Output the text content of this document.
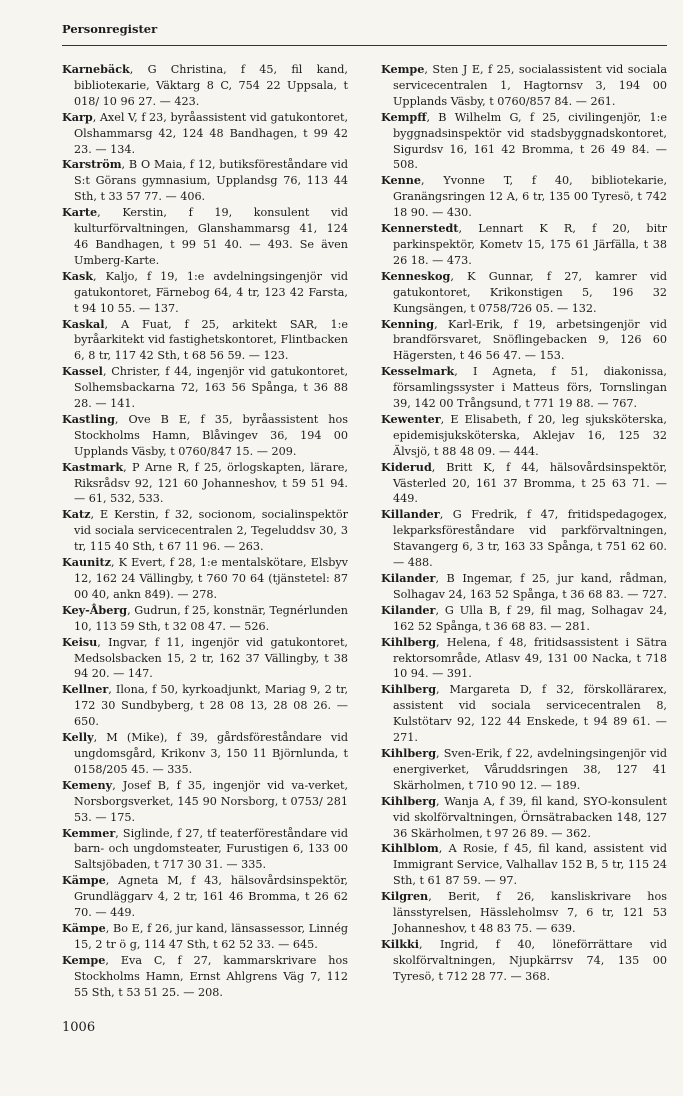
Personregister
Karnebäck, G Christina, f 45, fil kand, biblioteкarie, Väktarg 8 C, 754 22 Uppsala, t 018/ 10 96 27. — 423.
Karp, Axel V, f 23, byråassistent vid gatukontoret, Olshammarsg 42, 124 48 Bandhagen, t 99 42 23. — 134.
Karström, B O Maia, f 12, butiksföreståndare vid S:t Görans gymnasium, Upplandsg 76, 113 44 Sth, t 33 57 77. — 406.
Karte, Kerstin, f 19, konsulent vid kulturförvaltningen, Glanshammarsg 41, 124 46 Bandhagen, t 99 51 40. — 493. Se även Umberg-Karte.
Kask, Kaljo, f 19, 1:e avdelningsingenjör vid gatukontoret, Färnebog 64, 4 tr, 123 42 Farsta, t 94 10 55. — 137.
Kaskal, A Fuat, f 25, arkitekt SAR, 1:e byråarkitekt vid fastighetskontoret, Flintbacken 6, 8 tr, 117 42 Sth, t 68 56 59. — 123.
Kassel, Christer, f 44, ingenjör vid gatukontoret, Solhemsbackarna 72, 163 56 Spånga, t 36 88 28. — 141.
Kastling, Ove B E, f 35, byråassistent hos Stockholms Hamn, Blåvingev 36, 194 00 Upplands Väsby, t 0760/847 15. — 209.
Kastmark, P Arne R, f 25, örlogskapten, lärare, Riksrådsv 92, 121 60 Johanneshov, t 59 51 94. — 61, 532, 533.
Katz, E Kerstin, f 32, socionom, socialinspektör vid sociala servicecentralen 2, Tegeluddsv 30, 3 tr, 115 40 Sth, t 67 11 96. — 263.
Kaunitz, K Evert, f 28, 1:e mentalskötare, Elsbyv 12, 162 24 Vällingby, t 760 70 64 (tjänstetel: 87 00 40, ankn 849). — 278.
Key-Åberg, Gudrun, f 25, konstnär, Tegnérlunden 10, 113 59 Sth, t 32 08 47. — 526.
Keisu, Ingvar, f 11, ingenjör vid gatukontoret, Medsolsbacken 15, 2 tr, 162 37 Vällingby, t 38 94 20. — 147.
Kellner, Ilona, f 50, kyrkoadjunkt, Mariag 9, 2 tr, 172 30 Sundbyberg, t 28 08 13, 28 08 26. — 650.
Kelly, M (Mike), f 39, gårdsföreståndare vid ungdomsgård, Krikonv 3, 150 11 Björnlunda, t 0158/205 45. — 335.
Kemeny, Josef B, f 35, ingenjör vid va-verket, Norsborgsverket, 145 90 Norsborg, t 0753/ 281 53. — 175.
Kemmer, Siglinde, f 27, tf teaterföreståndare vid barn- och ungdomsteater, Furustigen 6, 133 00 Saltsjöbaden, t 717 30 31. — 335.
Kämpe, Agneta M, f 43, hälsovårdsinspektör, Grundläggarv 4, 2 tr, 161 46 Bromma, t 26 62 70. — 449.
Kämpe, Bo E, f 26, jur kand, länsassessor, Linnég 15, 2 tr ö g, 114 47 Sth, t 62 52 33. — 645.
Kempe, Eva C, f 27, kammarskrivare hos Stockholms Hamn, Ernst Ahlgrens Väg 7, 112 55 Sth, t 53 51 25. — 208.
Kempe, Sten J E, f 25, socialassistent vid sociala servicecentralen 1, Hagtornsv 3, 194 00 Upplands Väsby, t 0760/857 84. — 261.
Kempff, B Wilhelm G, f 25, civilingenjör, 1:e byggnadsinspektör vid stadsbyggnadskontoret, Sigurdsv 16, 161 42 Bromma, t 26 49 84. — 508.
Kenne, Yvonne T, f 40, bibliotekarie, Granängsringen 12 A, 6 tr, 135 00 Tyresö, t 742 18 90. — 430.
Kennerstedt, Lennart K R, f 20, bitr parkinspektör, Kometv 15, 175 61 Järfälla, t 38 26 18. — 473.
Kenneskog, K Gunnar, f 27, kamrer vid gatukontoret, Krikonstigen 5, 196 32 Kungsängen, t 0758/726 05. — 132.
Kenning, Karl-Erik, f 19, arbetsingenjör vid brandförsvaret, Snöflingebacken 9, 126 60 Hägersten, t 46 56 47. — 153.
Kesselmark, I Agneta, f 51, diakonissa, församlingssyster i Matteus förs, Tornslingan 39, 142 00 Trångsund, t 771 19 88. — 767.
Kewenter, E Elisabeth, f 20, leg sjuksköterska, epidemisjuksköterska, Aklejav 16, 125 32 Älvsjö, t 88 48 09. — 444.
Kiderud, Britt K, f 44, hälsovårdsinspektör, Västerled 20, 161 37 Bromma, t 25 63 71. — 449.
Killander, G Fredrik, f 47, fritidspedagogex, lekparksföreståndare vid parkförvaltningen, Stavangerg 6, 3 tr, 163 33 Spånga, t 751 62 60. — 488.
Kilander, B Ingemar, f 25, jur kand, rådman, Solhagav 24, 163 52 Spånga, t 36 68 83. — 727.
Kilander, G Ulla B, f 29, fil mag, Solhagav 24, 162 52 Spånga, t 36 68 83. — 281.
Kihlberg, Helena, f 48, fritidsassistent i Sätra rektorsområde, Atlasv 49, 131 00 Nacka, t 718 10 94. — 391.
Kihlberg, Margareta D, f 32, förskollärarex, assistent vid sociala servicecentralen 8, Kulstötarv 92, 122 44 Enskede, t 94 89 61. — 271.
Kihlberg, Sven-Erik, f 22, avdelningsingenjör vid energiverket, Våruddsringen 38, 127 41 Skärholmen, t 710 90 12. — 189.
Kihlberg, Wanja A, f 39, fil kand, SYO-konsulent vid skolförvaltningen, Örnsätrabacken 148, 127 36 Skärholmen, t 97 26 89. — 362.
Kihlblom, A Rosie, f 45, fil kand, assistent vid Immigrant Service, Valhallav 152 B, 5 tr, 115 24 Sth, t 61 87 59. — 97.
Kilgren, Berit, f 26, kansliskrivare hos länsstyrelsen, Hässleholmsv 7, 6 tr, 121 53 Johanneshov, t 48 83 75. — 639.
Kilkki, Ingrid, f 40, löneförrättare vid skolförvaltningen, Njupkärrsv 74, 135 00 Tyresö, t 712 28 77. — 368.
1006
